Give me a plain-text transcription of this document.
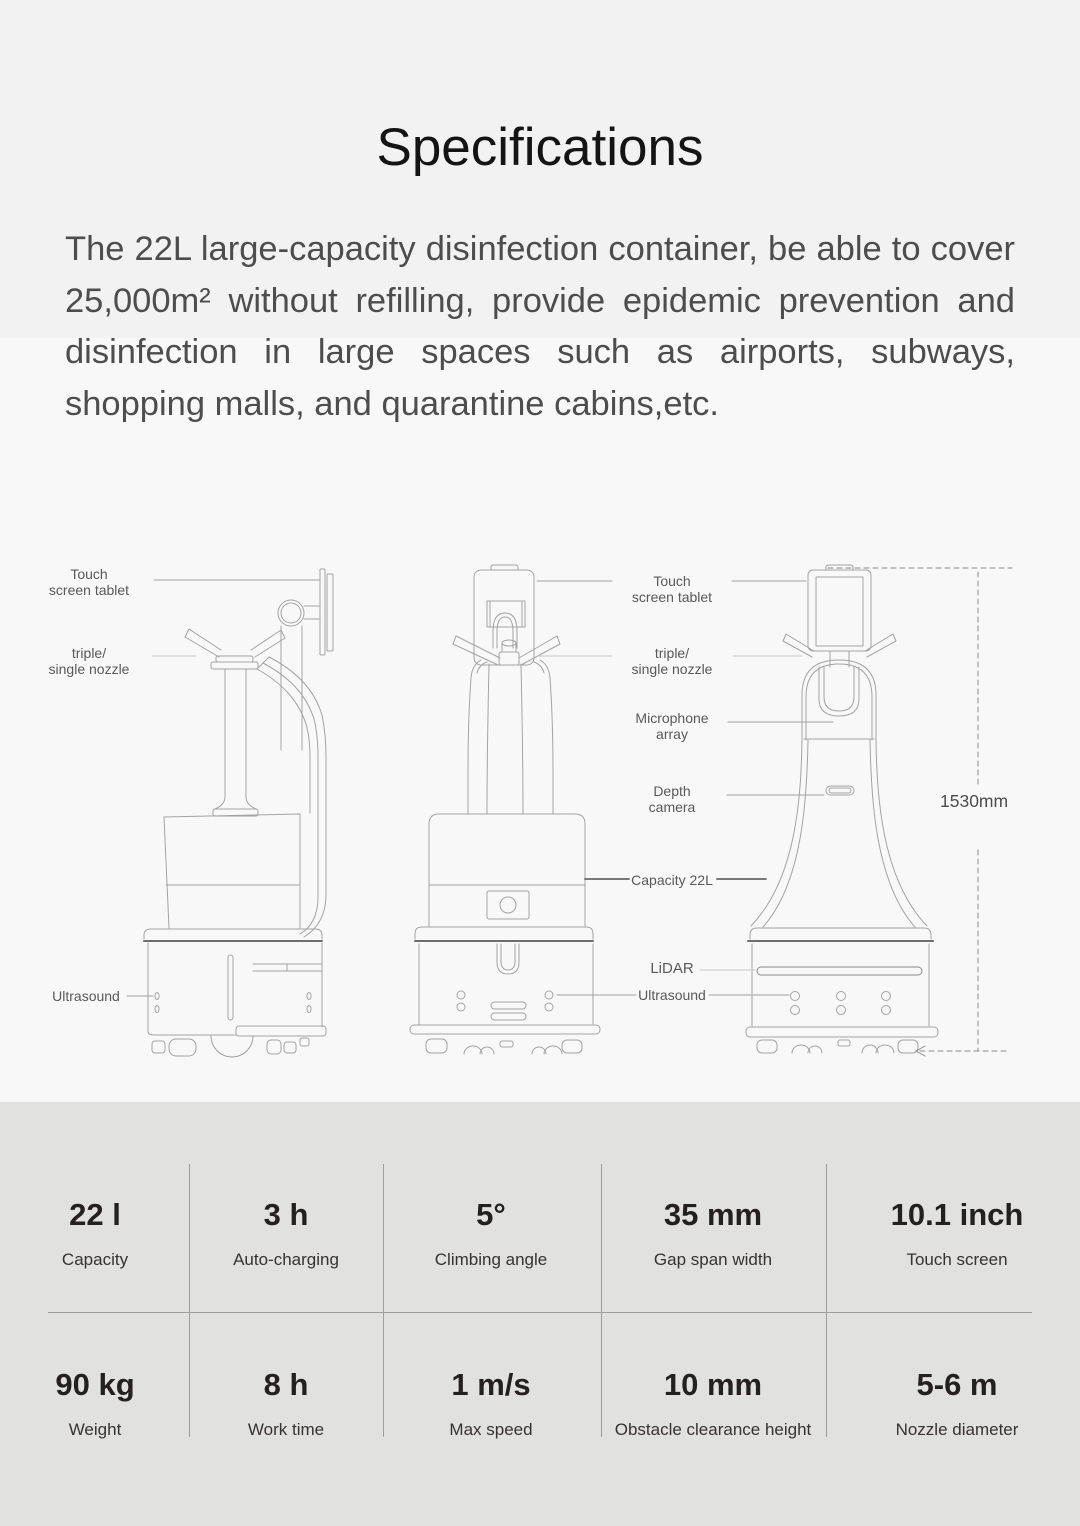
Specifications

The 22L large-capacity disinfection container, be able to cover 25,000m² without refilling, provide epidemic prevention and disinfection in large spaces such as airports, subways, shopping malls, and quarantine cabins,etc.

Touch
screen tablet
triple/
single nozzle
Ultrasound
Touch
screen tablet
triple/
single nozzle
Microphone
array
Depth
camera
Capacity 22L
LiDAR
Ultrasound
1530mm
22 l
Capacity
3 h
Auto-charging
5°
Climbing angle
35 mm
Gap span width
10.1 inch
Touch screen
90 kg
Weight
8 h
Work time
1 m/s
Max speed
10 mm
Obstacle clearance height
5-6 m
Nozzle diameter
